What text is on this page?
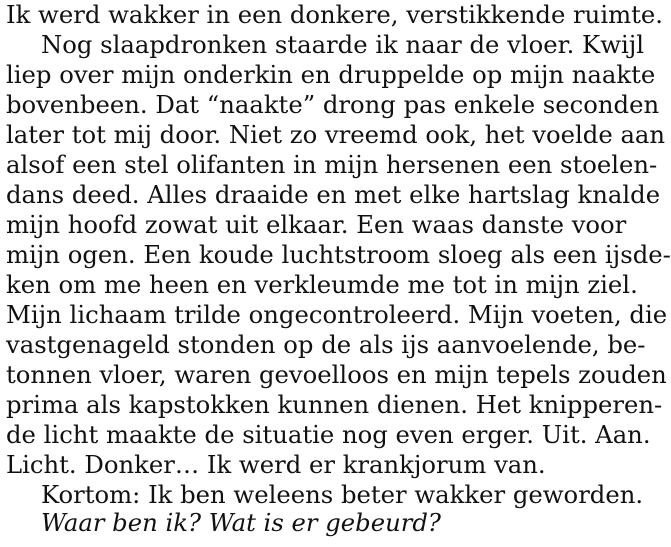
Ik werd wakker in een donkere, verstikkende ruimte.
Nog slaapdronken staarde ik naar de vloer. Kwijl
liep over mijn onderkin en druppelde op mijn naakte
bovenbeen. Dat “naakte” drong pas enkele seconden
later tot mij door. Niet zo vreemd ook, het voelde aan
alsof een stel olifanten in mijn hersenen een stoelen-
dans deed. Alles draaide en met elke hartslag knalde
mijn hoofd zowat uit elkaar. Een waas danste voor
mijn ogen. Een koude luchtstroom sloeg als een ijsde-
ken om me heen en verkleumde me tot in mijn ziel.
Mijn lichaam trilde ongecontroleerd. Mijn voeten, die
vastgenageld stonden op de als ijs aanvoelende, be-
tonnen vloer, waren gevoelloos en mijn tepels zouden
prima als kapstokken kunnen dienen. Het knipperen-
de licht maakte de situatie nog even erger. Uit. Aan.
Licht. Donker… Ik werd er krankjorum van.
Kortom: Ik ben weleens beter wakker geworden.
Waar ben ik? Wat is er gebeurd?
